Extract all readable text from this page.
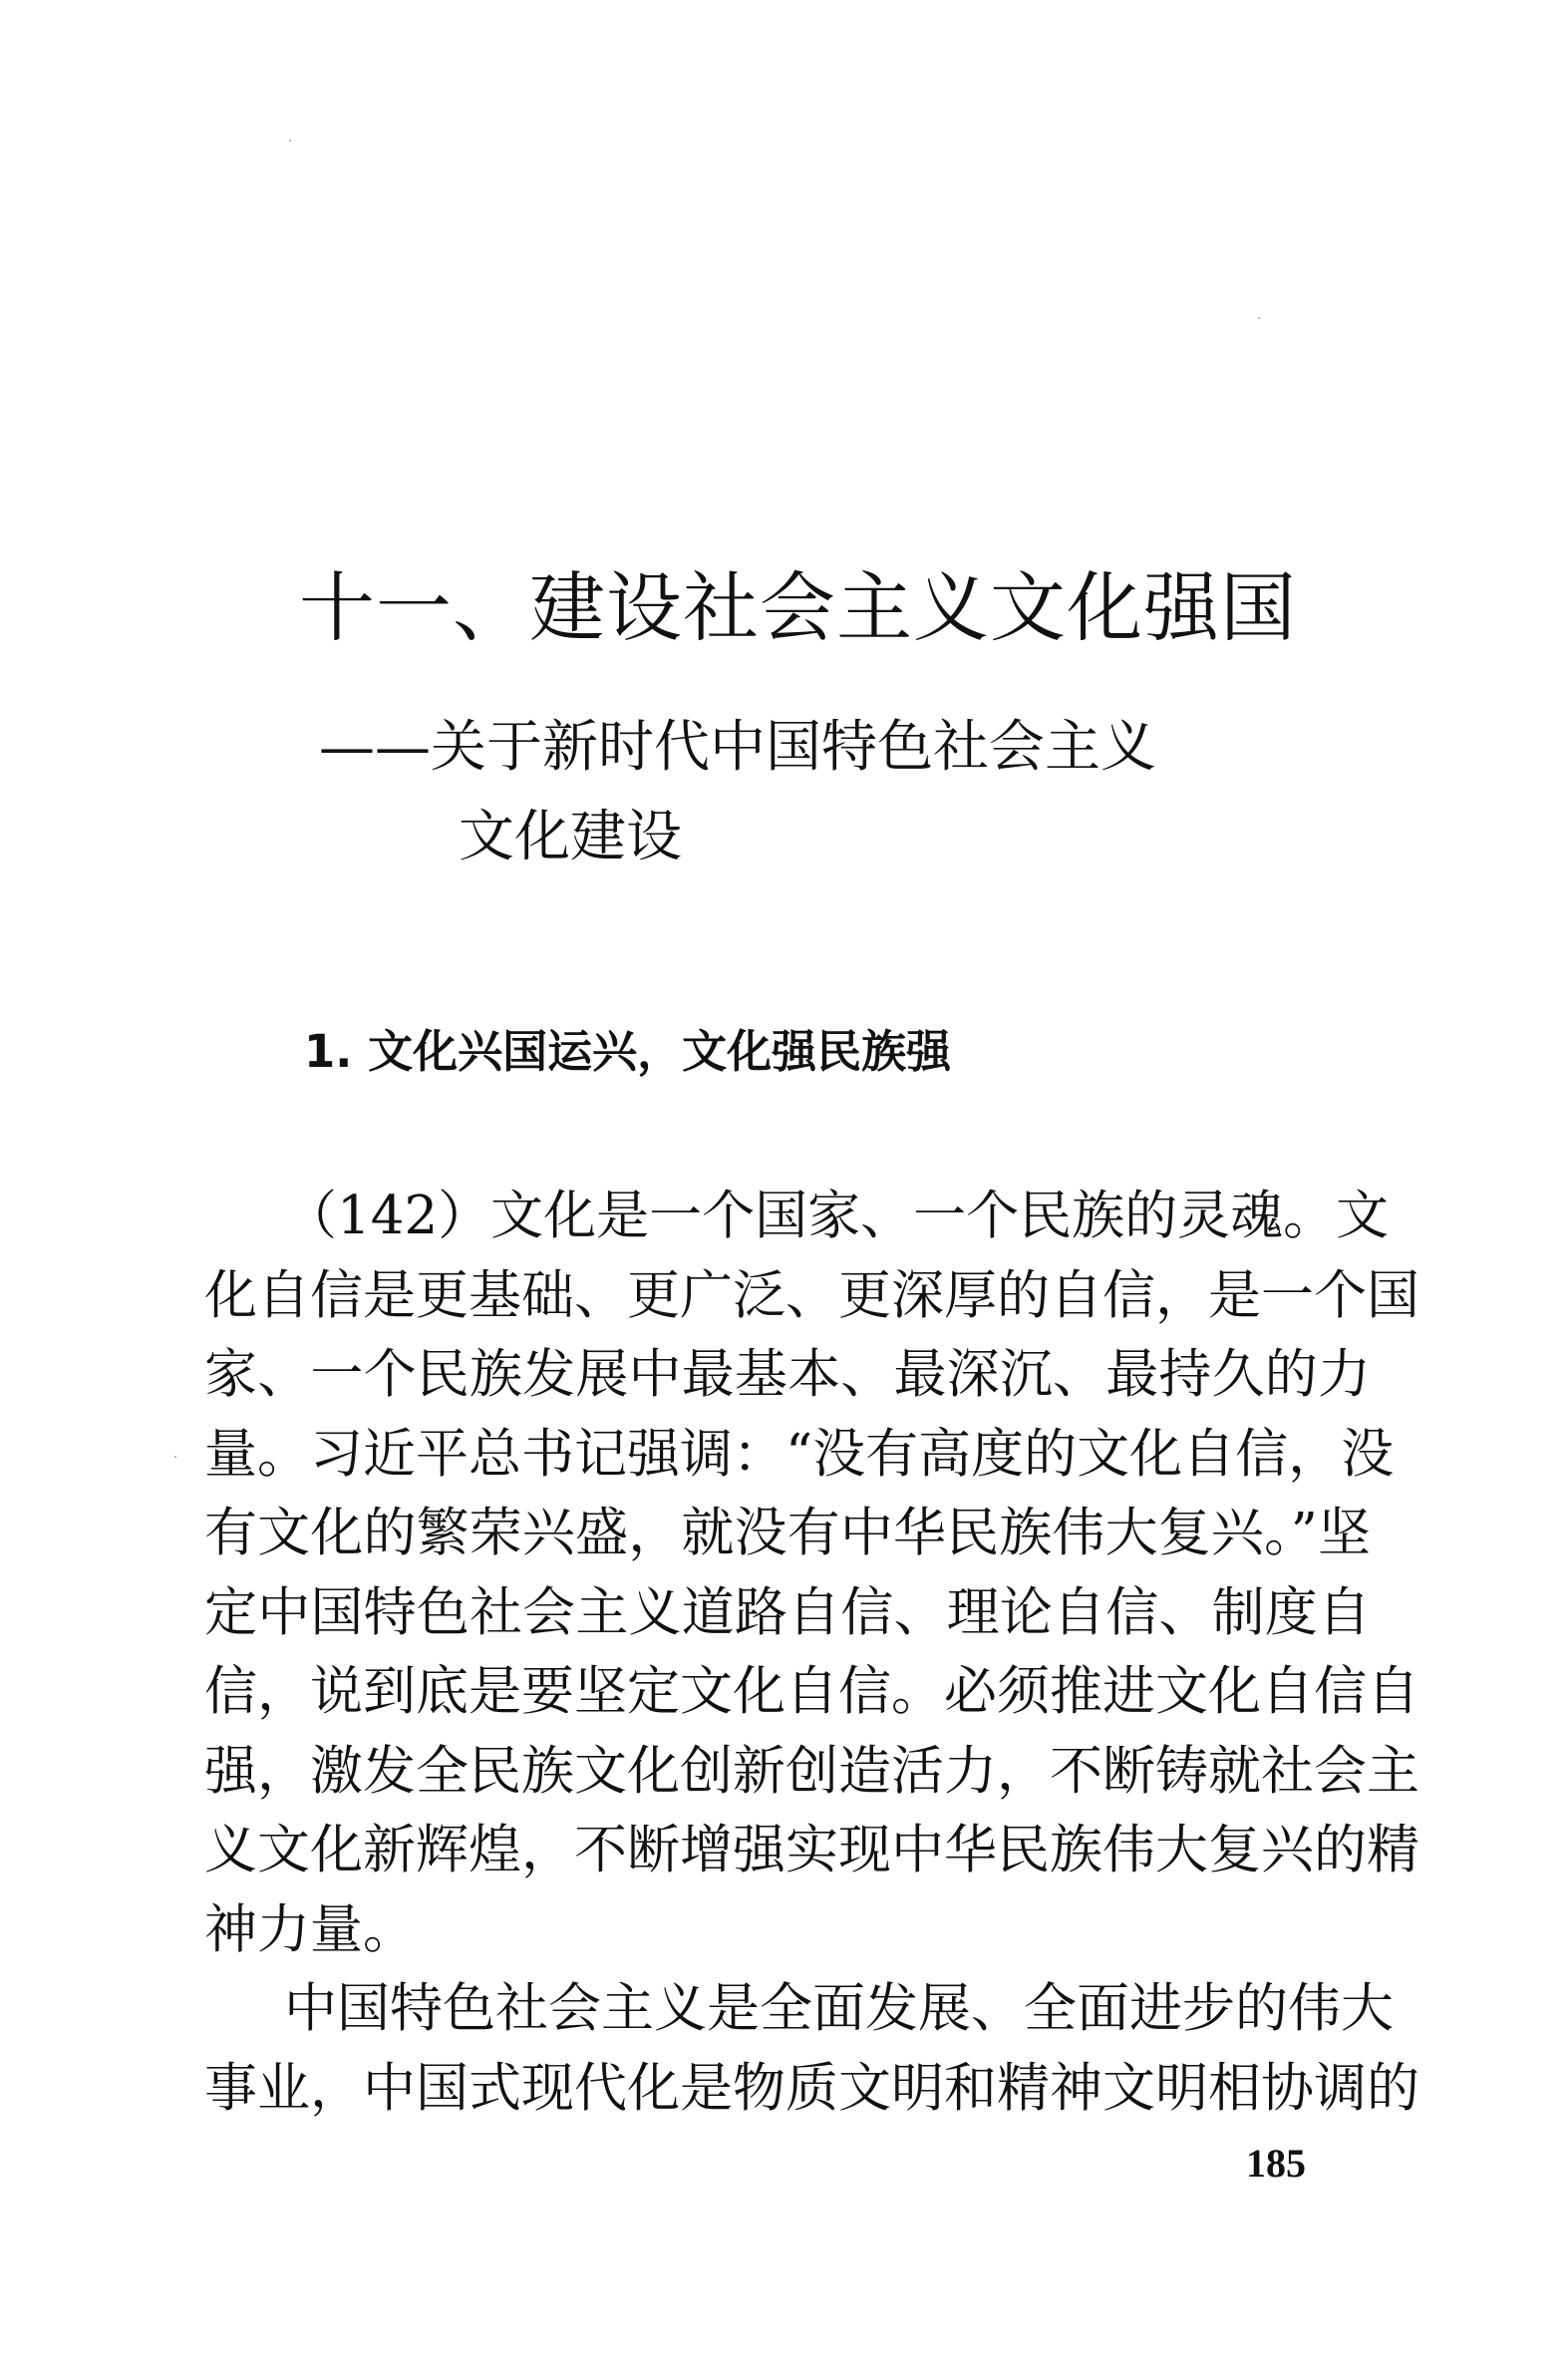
十一、建设社会主义文化强国
——关于新时代中国特色社会主义
文化建设
1. 文化兴国运兴，文化强民族强

（142）文化是一个国家、一个民族的灵魂。文

化自信是更基础、更广泛、更深厚的自信，是一个国

家、一个民族发展中最基本、最深沉、最持久的力

量。习近平总书记强调：“没有高度的文化自信，没

有文化的繁荣兴盛，就没有中华民族伟大复兴。”坚

定中国特色社会主义道路自信、理论自信、制度自

信，说到底是要坚定文化自信。必须推进文化自信自

强，激发全民族文化创新创造活力，不断铸就社会主

义文化新辉煌，不断增强实现中华民族伟大复兴的精

神力量。

中国特色社会主义是全面发展、全面进步的伟大

事业，中国式现代化是物质文明和精神文明相协调的

185
